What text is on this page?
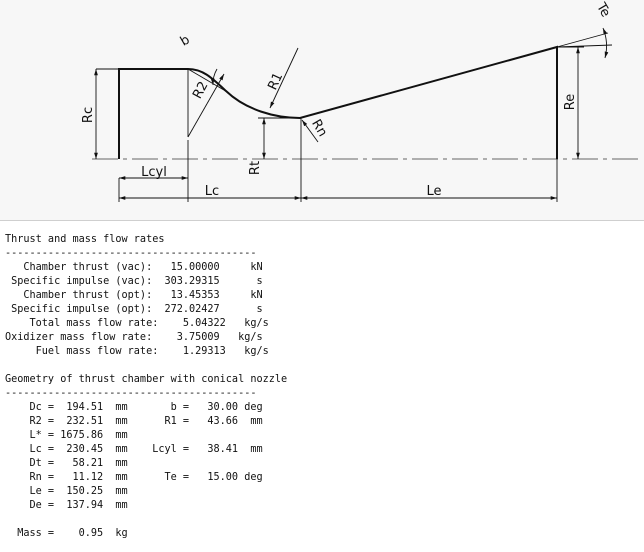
b
R2	R1
Rc
Rt
Rn
Re
Te
Lcyl
Lc	Le
Thrust and mass flow rates
-----------------------------------------
Chamber thrust (vac):   15.00000     kN
Specific impulse (vac):  303.29315      s
Chamber thrust (opt):   13.45353     kN
Specific impulse (opt):  272.02427      s
Total mass flow rate:    5.04322   kg/s
Oxidizer mass flow rate:    3.75009   kg/s
Fuel mass flow rate:    1.29313   kg/s
Geometry of thrust chamber with conical nozzle
-----------------------------------------
Dc =  194.51  mm       b =   30.00 deg
R2 =  232.51  mm      R1 =   43.66  mm
L* = 1675.86  mm
Lc =  230.45  mm    Lcyl =   38.41  mm
Dt =   58.21  mm
Rn =   11.12  mm      Te =   15.00 deg
Le =  150.25  mm
De =  137.94  mm
Mass =    0.95  kg
